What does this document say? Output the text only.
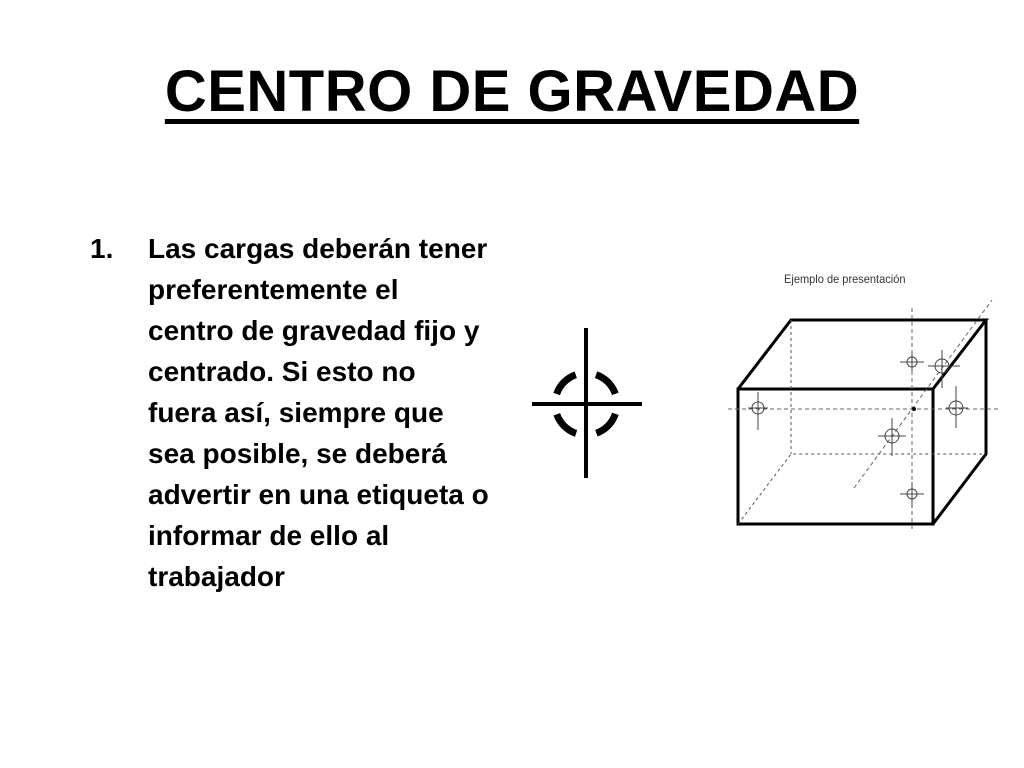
CENTRO DE GRAVEDAD
1. Las cargas deberán tener preferentemente el centro de gravedad fijo y centrado. Si esto no fuera así, siempre que sea posible, se deberá advertir en una etiqueta o informar de ello al trabajador
Ejemplo de presentación
